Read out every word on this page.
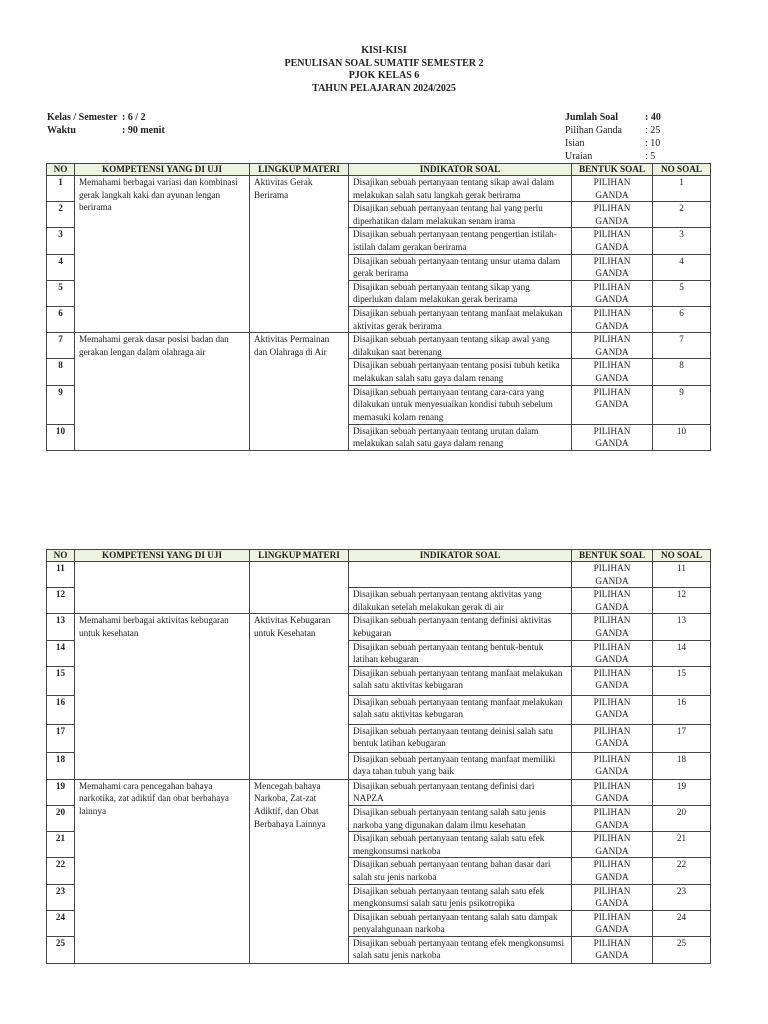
KISI-KISI
PENULISAN SOAL SUMATIF SEMESTER 2
PJOK KELAS 6
TAHUN PELAJARAN 2024/2025
Kelas / Semester : 6 / 2
Waktu	: 90 menit
Jumlah Soal	: 40
Pilihan Ganda	: 25
Isian	: 10
Uraian	: 5
NO	KOMPETENSI YANG DI UJI	LINGKUP MATERI	INDIKATOR SOAL	BENTUK SOAL	NO SOAL
1	Memahami berbagai variasi dan kombinasi gerak langkah kaki dan ayunan lengan berirama	Aktivitas Gerak Berirama	Disajikan sebuah pertanyaan tentang sikap awal dalam melakukan salah satu langkah gerak berirama	PILIHAN GANDA	1
2			Disajikan sebuah pertanyaan tentang hal yang perlu diperhatikan dalam melakukan senam irama	PILIHAN GANDA	2
3			Disajikan sebuah pertanyaan tentang pengertian istilah-istilah dalam gerakan berirama	PILIHAN GANDA	3
4			Disajikan sebuah pertanyaan tentang unsur utama dalam gerak berirama	PILIHAN GANDA	4
5			Disajikan sebuah pertanyaan tentang sikap yang diperlukan dalam melakukan gerak berirama	PILIHAN GANDA	5
6			Disajikan sebuah pertanyaan tentang manfaat melakukan aktivitas gerak berirama	PILIHAN GANDA	6
7	Memahami gerak dasar posisi badan dan gerakan lengan dalam olahraga air	Aktivitas Permainan dan Olahraga di Air	Disajikan sebuah pertanyaan tentang sikap awal yang dilakukan saat berenang	PILIHAN GANDA	7
8			Disajikan sebuah pertanyaan tentang posisi tubuh ketika melakukan salah satu gaya dalam renang	PILIHAN GANDA	8
9			Disajikan sebuah pertanyaan tentang cara-cara yang dilakukan untuk menyesuaikan kondisi tubuh sebelum memasuki kolam renang	PILIHAN GANDA	9
10			Disajikan sebuah pertanyaan tentang urutan dalam melakukan salah satu gaya dalam renang	PILIHAN GANDA	10
NO	KOMPETENSI YANG DI UJI	LINGKUP MATERI	INDIKATOR SOAL	BENTUK SOAL	NO SOAL
11				PILIHAN GANDA	11
12			Disajikan sebuah pertanyaan tentang aktivitas yang dilakukan setelah melakukan gerak di air	PILIHAN GANDA	12
13	Memahami berbagai aktivitas kebugaran untuk kesehatan	Aktivitas Kebugaran untuk Kesehatan	Disajikan sebuah pertanyaan tentang definisi aktivitas kebugaran	PILIHAN GANDA	13
14			Disajikan sebuah pertanyaan tentang bentuk-bentuk latihan kebugaran	PILIHAN GANDA	14
15			Disajikan sebuah pertanyaan tentang manfaat melakukan salah satu aktivitas kebugaran	PILIHAN GANDA	15
16			Disajikan sebuah pertanyaan tentang manfaat melakukan salah satu aktivitas kebugaran	PILIHAN GANDA	16
17			Disajikan sebuah pertanyaan tentang deinisi salah satu bentuk latihan kebugaran	PILIHAN GANDA	17
18			Disajikan sebuah pertanyaan tentang manfaat memiliki daya tahan tubuh yang baik	PILIHAN GANDA	18
19	Memahami cara pencegahan bahaya narkotika, zat adiktif dan obat berbahaya lainnya	Mencegah bahaya Narkoba, Zat-zat Adiktif, dan Obat Berbahaya Lainnya	Disajikan sebuah pertanyaan tentang definisi dari NAPZA	PILIHAN GANDA	19
20			Disajikan sebuah pertanyaan tentang salah satu jenis narkoba yang digunakan dalam ilmu kesehatan	PILIHAN GANDA	20
21			Disajikan sebuah pertanyaan tentang salah satu efek mengkonsumsi narkoba	PILIHAN GANDA	21
22			Disajikan sebuah pertanyaan tentang bahan dasar dari salah stu jenis narkoba	PILIHAN GANDA	22
23			Disajikan sebuah pertanyaan tentang salah satu efek mengkonsumsi salah satu jenis psikotropika	PILIHAN GANDA	23
24			Disajikan sebuah pertanyaan tentang salah satu dampak penyalahgunaan narkoba	PILIHAN GANDA	24
25			Disajikan sebuah pertanyaan tentang efek mengkonsumsi salah satu jenis narkoba	PILIHAN GANDA	25
